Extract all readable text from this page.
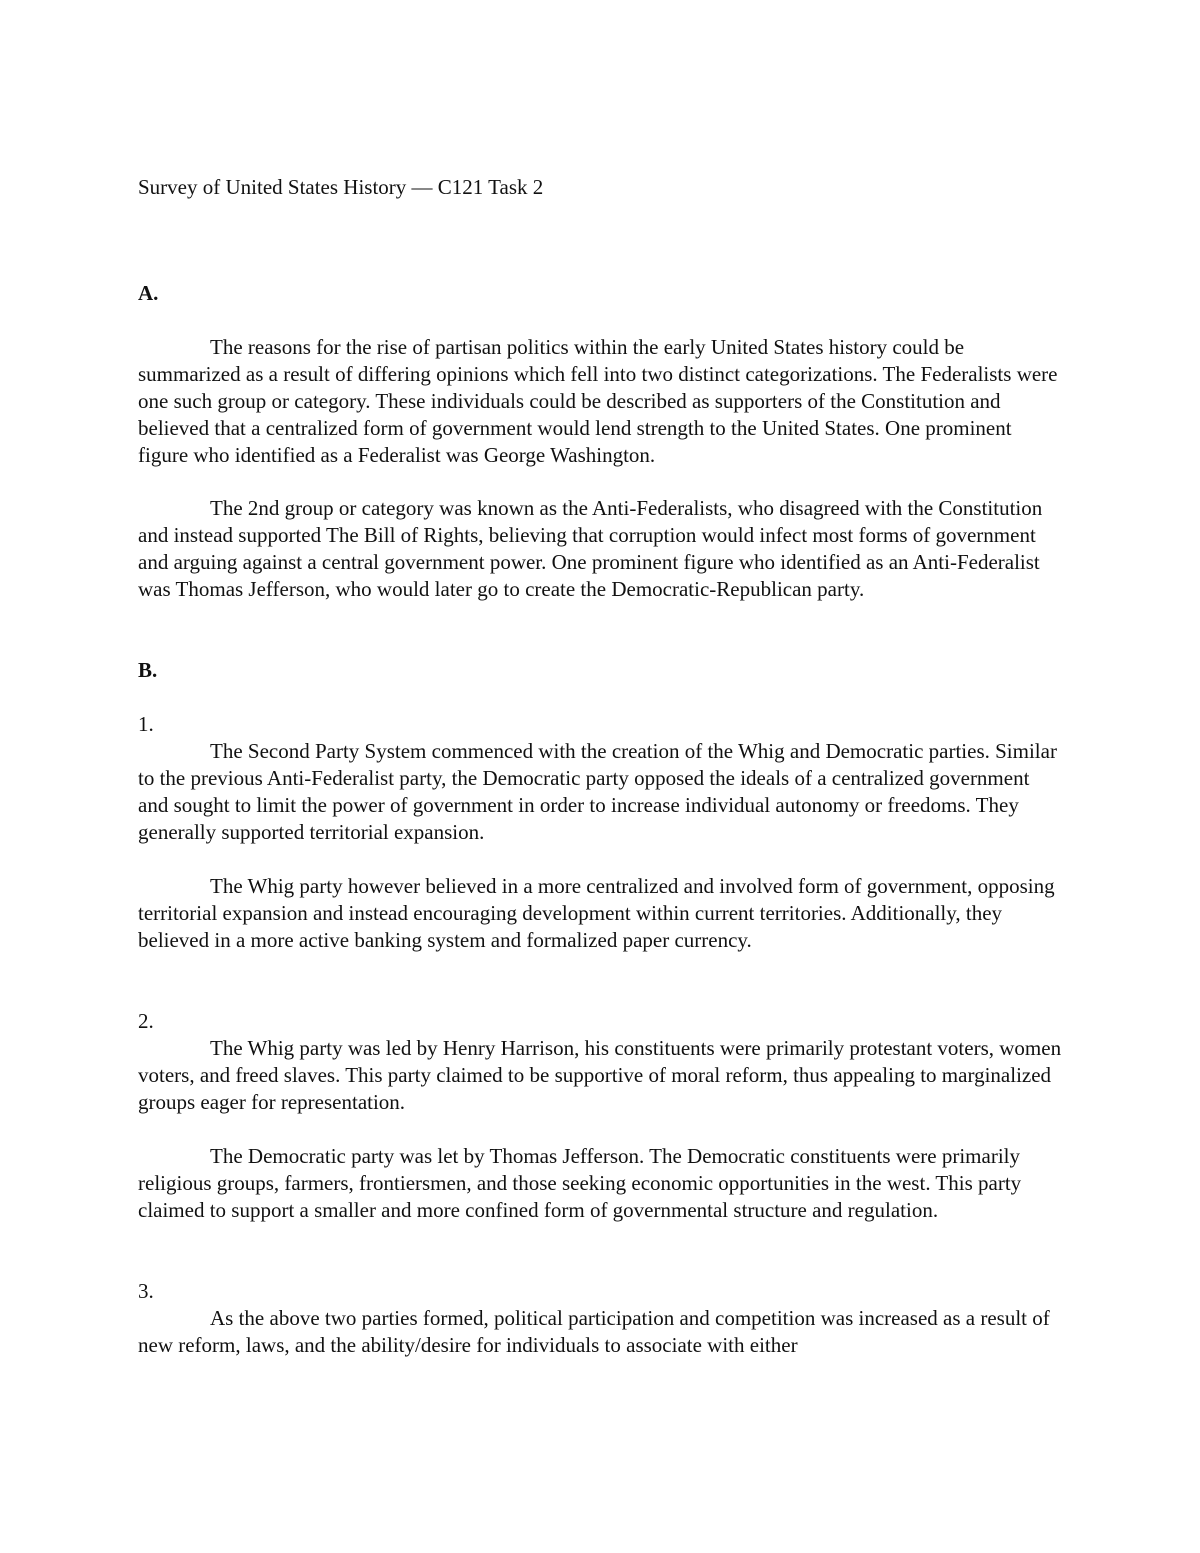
Survey of United States History — C121 Task 2
A.

The reasons for the rise of partisan politics within the early United States history could be summarized as a result of differing opinions which fell into two distinct categorizations. The Federalists were one such group or category. These individuals could be described as supporters of the Constitution and believed that a centralized form of government would lend strength to the United States. One prominent figure who identified as a Federalist was George Washington.

The 2nd group or category was known as the Anti-Federalists, who disagreed with the Constitution and instead supported The Bill of Rights, believing that corruption would infect most forms of government and arguing against a central government power. One prominent figure who identified as an Anti-Federalist was Thomas Jefferson, who would later go to create the Democratic-Republican party.

B.
1.

The Second Party System commenced with the creation of the Whig and Democratic parties. Similar to the previous Anti-Federalist party, the Democratic party opposed the ideals of a centralized government and sought to limit the power of government in order to increase individual autonomy or freedoms. They generally supported territorial expansion.

The Whig party however believed in a more centralized and involved form of government, opposing territorial expansion and instead encouraging development within current territories. Additionally, they believed in a more active banking system and formalized paper currency.

2.

The Whig party was led by Henry Harrison, his constituents were primarily protestant voters, women voters, and freed slaves. This party claimed to be supportive of moral reform, thus appealing to marginalized groups eager for representation.

The Democratic party was let by Thomas Jefferson. The Democratic constituents were primarily religious groups, farmers, frontiersmen, and those seeking economic opportunities in the west. This party claimed to support a smaller and more confined form of governmental structure and regulation.

3.

As the above two parties formed, political participation and competition was increased as a result of new reform, laws, and the ability/desire for individuals to associate with either
